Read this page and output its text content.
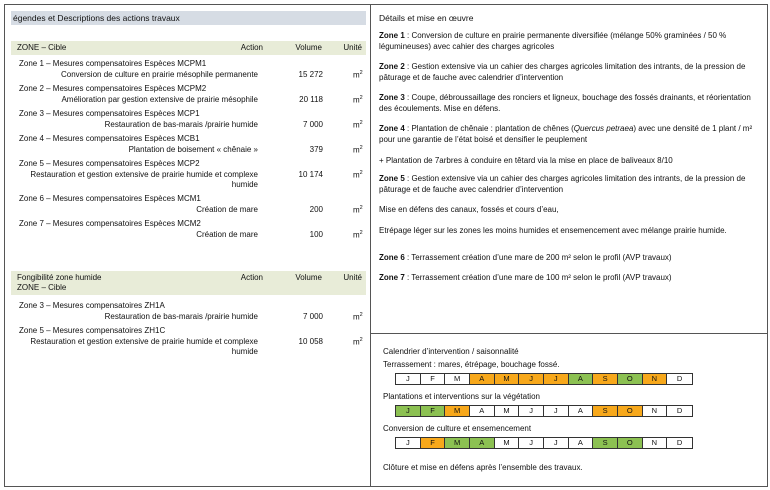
égendes et Descriptions des actions travaux
ZONE – Cible	Action	Volume	Unité
Zone 1 – Mesures compensatoires Espèces MCPM1
Conversion de culture en prairie mésophile permanente	15 272	$m^2$
Zone 2 – Mesures compensatoires Espèces MCPM2
Amélioration par gestion extensive de prairie mésophile	20 118	$m^2$
Zone 3 – Mesures compensatoires Espèces MCP1
Restauration de bas-marais /prairie humide	7 000	$m^2$
Zone 4 – Mesures compensatoires Espèces MCB1
Plantation de boisement « chênaie »	379	$m^2$
Zone 5 – Mesures compensatoires Espèces MCP2
Restauration et gestion extensive de prairie humide et complexe humide
10 174	$m^2$
Zone 6 – Mesures compensatoires Espèces MCM1
Création de mare	200	$m^2$
Zone 7 – Mesures compensatoires Espèces MCM2
Création de mare	100	$m^2$
Fongibilité zone humide
ZONE – Cible
Action	Volume	Unité
Zone 3 – Mesures compensatoires ZH1A
Restauration de bas-marais /prairie humide	7 000	$m^2$
Zone 5 – Mesures compensatoires ZH1C
Restauration et gestion extensive de prairie humide et complexe humide
10 058	$m^2$
Détails et mise en œuvre
Zone 1 : Conversion de culture en prairie permanente diversifiée (mélange 50% graminées / 50 % légumineuses) avec cahier des charges agricoles
Zone 2 : Gestion extensive via un cahier des charges agricoles limitation des intrants, de la pression de pâturage et de fauche avec calendrier d’intervention
Zone 3 : Coupe, débroussaillage des ronciers et ligneux, bouchage des fossés drainants, et réorientation des écoulements. Mise en défens.
Zone 4 : Plantation de chênaie : plantation de chênes (Quercus petraea) avec une densité de 1 plant / m² pour une garantie de l’état boisé et densifier le peuplement
+ Plantation de 7arbres à conduire en têtard via la mise en place de baliveaux 8/10
Zone 5 : Gestion extensive via un cahier des charges agricoles limitation des intrants, de la pression de pâturage et de fauche avec calendrier d’intervention
Mise en défens des canaux, fossés et cours d’eau,
Etrépage léger sur les zones les moins humides et ensemencement avec mélange prairie humide.
Zone 6 : Terrassement création d’une mare de 200 m² selon le profil (AVP travaux)
Zone 7 : Terrassement création d’une mare de 100 m² selon le profil (AVP travaux)
Calendrier d’intervention / saisonnalité
Terrassement : mares, étrépage, bouchage fossé.
J	F	M	A	M	J	J	A	S	O	N	D
Plantations et interventions sur la végétation
J	F	M	A	M	J	J	A	S	O	N	D
Conversion de culture et ensemencement
J	F	M	A	M	J	J	A	S	O	N	D
Clôture et mise en défens après l’ensemble des travaux.
